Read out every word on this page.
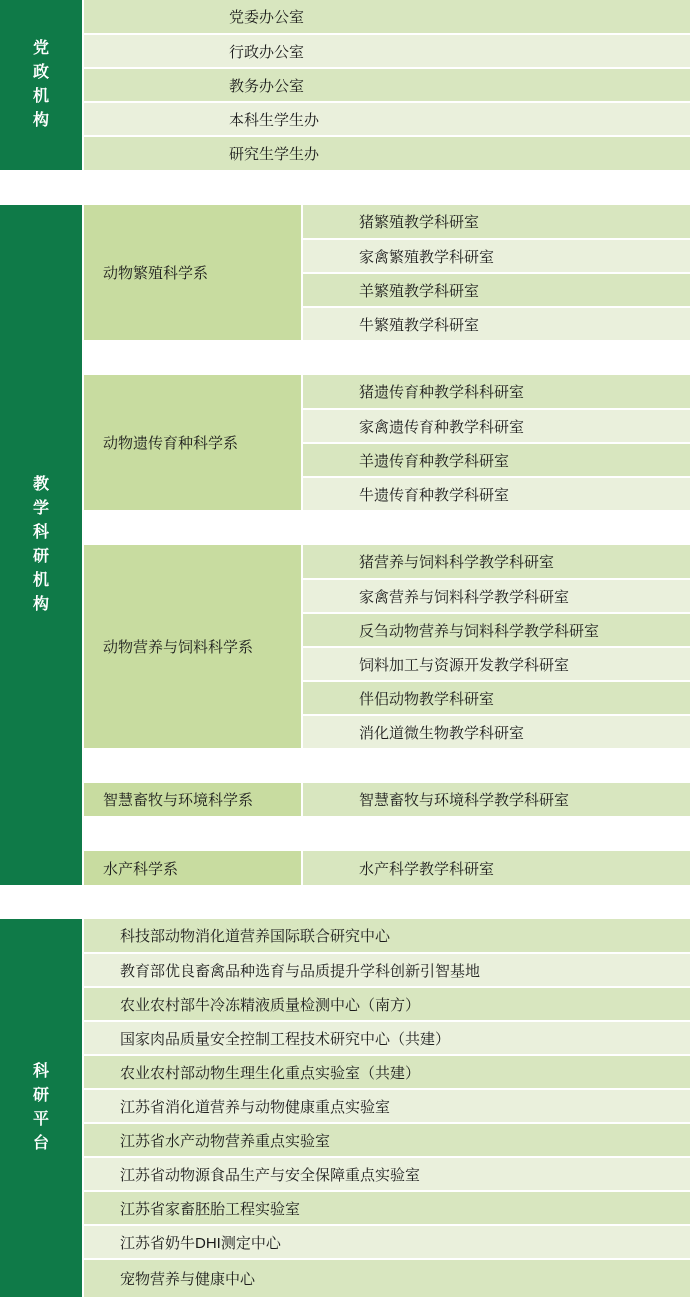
党政机构
党委办公室
行政办公室
教务办公室
本科生学生办
研究生学生办
教学科研机构
动物繁殖科学系
猪繁殖教学科研室
家禽繁殖教学科研室
羊繁殖教学科研室
牛繁殖教学科研室
动物遗传育种科学系
猪遗传育种教学科科研室
家禽遗传育种教学科研室
羊遗传育种教学科研室
牛遗传育种教学科研室
动物营养与饲料科学系
猪营养与饲料科学教学科研室
家禽营养与饲料科学教学科研室
反刍动物营养与饲料科学教学科研室
饲料加工与资源开发教学科研室
伴侣动物教学科研室
消化道微生物教学科研室
智慧畜牧与环境科学系	智慧畜牧与环境科学教学科研室
水产科学系	水产科学教学科研室
科研平台
科技部动物消化道营养国际联合研究中心
教育部优良畜禽品种选育与品质提升学科创新引智基地
农业农村部牛冷冻精液质量检测中心（南方）
国家肉品质量安全控制工程技术研究中心（共建）
农业农村部动物生理生化重点实验室（共建）
江苏省消化道营养与动物健康重点实验室
江苏省水产动物营养重点实验室
江苏省动物源食品生产与安全保障重点实验室
江苏省家畜胚胎工程实验室
江苏省奶牛DHI测定中心
宠物营养与健康中心
